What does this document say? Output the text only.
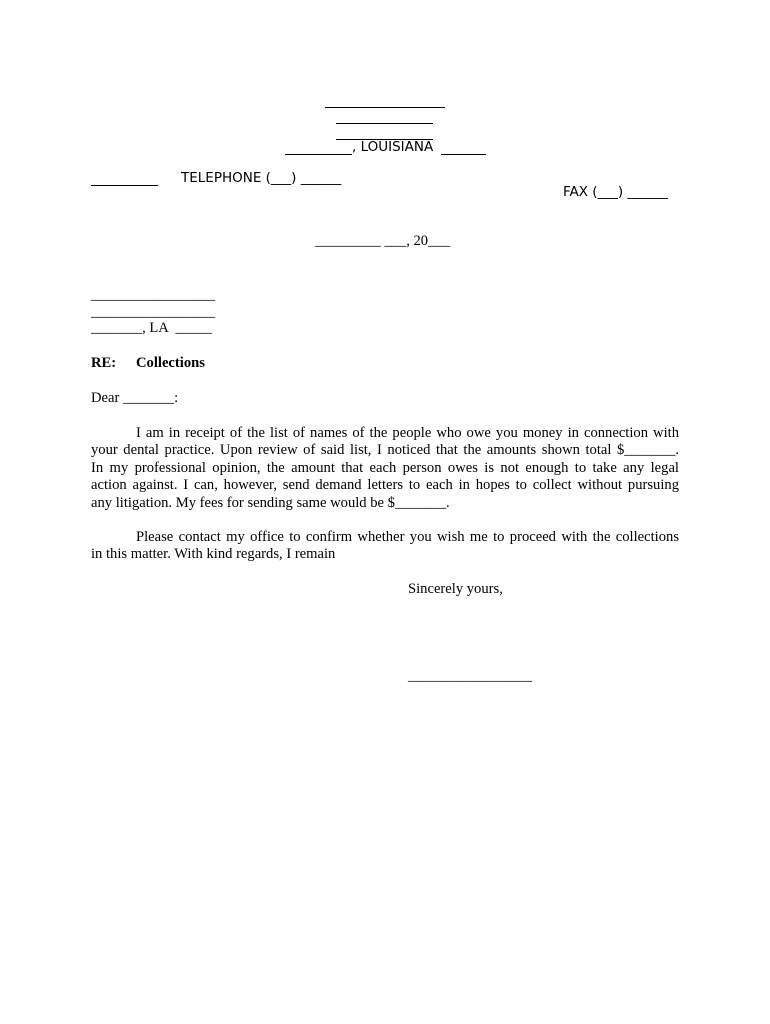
, LOUISIANA
TELEPHONE (___) ______
FAX (___) ______
_________ ___, 20___
_________________
_________________
_______, LA  _____
RE: Collections
Dear _______:
I am in receipt of the list of names of the people who owe you money in connection with
your dental practice. Upon review of said list, I noticed that the amounts shown total $_______.
In my professional opinion, the amount that each person owes is not enough to take any legal
action against. I can, however, send demand letters to each in hopes to collect without pursuing
any litigation. My fees for sending same would be $_______.
Please contact my office to confirm whether you wish me to proceed with the collections
in this matter. With kind regards, I remain
Sincerely yours,
_________________
